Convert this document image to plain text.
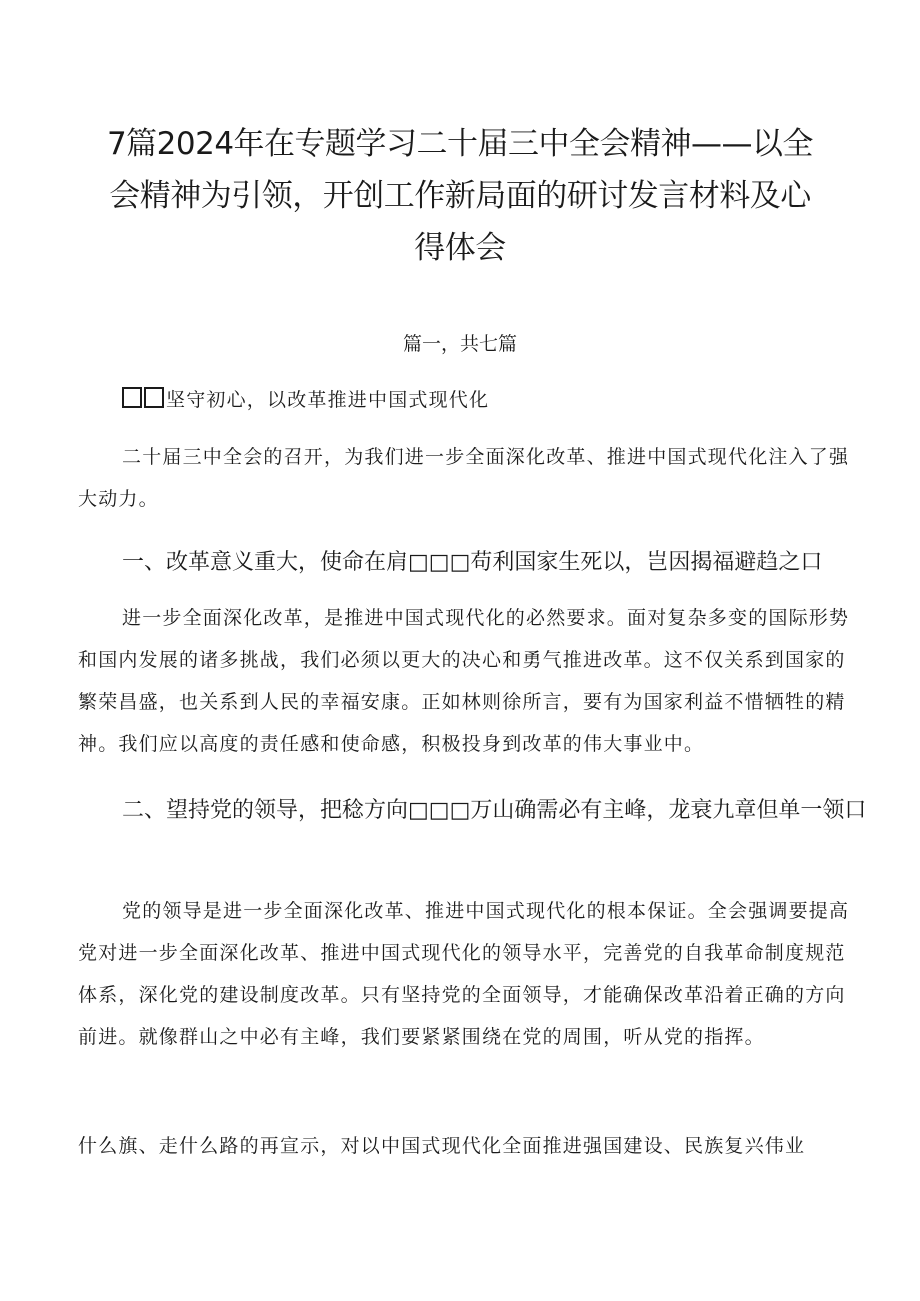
7篇2024年在专题学习二十届三中全会精神——以全会精神为引领，开创工作新局面的研讨发言材料及心得体会
篇一，共七篇

坚守初心，以改革推进中国式现代化

二十届三中全会的召开，为我们进一步全面深化改革、推进中国式现代化注入了强大动力。

一、改革意义重大，使命在肩□□□苟利国家生死以，岂因揭福避趋之口

进一步全面深化改革，是推进中国式现代化的必然要求。面对复杂多变的国际形势和国内发展的诸多挑战，我们必须以更大的决心和勇气推进改革。这不仅关系到国家的繁荣昌盛，也关系到人民的幸福安康。正如林则徐所言，要有为国家利益不惜牺牲的精神。我们应以高度的责任感和使命感，积极投身到改革的伟大事业中。

二、望持党的领导，把稔方向□□□万山确需必有主峰，龙衰九章但单一领口

党的领导是进一步全面深化改革、推进中国式现代化的根本保证。全会强调要提高党对进一步全面深化改革、推进中国式现代化的领导水平，完善党的自我革命制度规范体系，深化党的建设制度改革。只有坚持党的全面领导，才能确保改革沿着正确的方向前进。就像群山之中必有主峰，我们要紧紧围绕在党的周围，听从党的指挥。

什么旗、走什么路的再宣示，对以中国式现代化全面推进强国建设、民族复兴伟业
